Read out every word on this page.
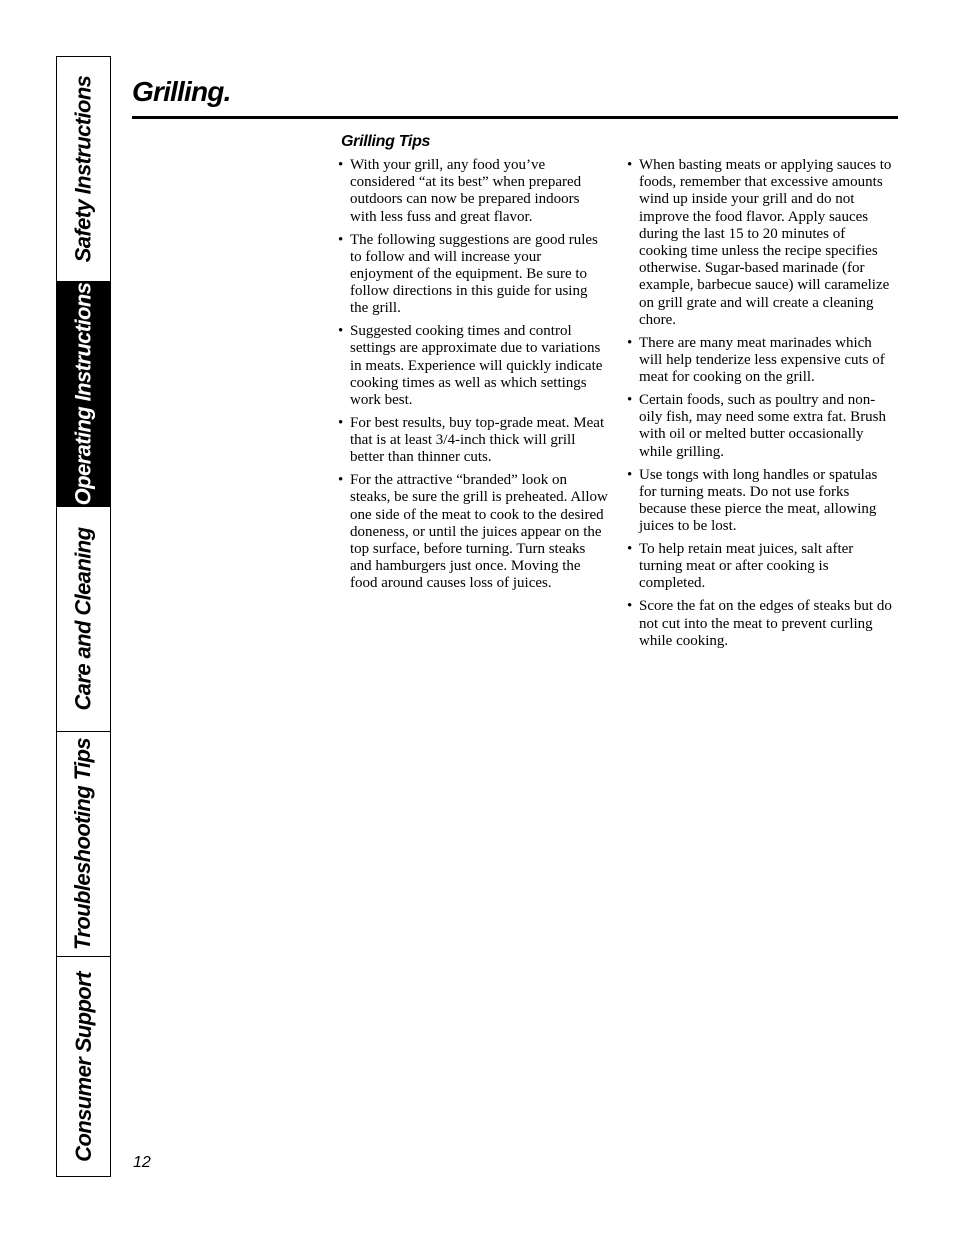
Safety Instructions
Operating Instructions
Care and Cleaning
Troubleshooting Tips
Consumer Support
Grilling.
Grilling Tips
• With your grill, any food you’ve considered “at its best” when prepared outdoors can now be prepared indoors with less fuss and great flavor.
• The following suggestions are good rules to follow and will increase your enjoyment of the equipment. Be sure to follow directions in this guide for using the grill.
• Suggested cooking times and control settings are approximate due to variations in meats. Experience will quickly indicate cooking times as well as which settings work best.
• For best results, buy top-grade meat. Meat that is at least 3/4-inch thick will grill better than thinner cuts.
• For the attractive “branded” look on steaks, be sure the grill is preheated. Allow one side of the meat to cook to the desired doneness, or until the juices appear on the top surface, before turning. Turn steaks and hamburgers just once. Moving the food around causes loss of juices.
• When basting meats or applying sauces to foods, remember that excessive amounts wind up inside your grill and do not improve the food flavor. Apply sauces during the last 15 to 20 minutes of cooking time unless the recipe specifies otherwise. Sugar-based marinade (for example, barbecue sauce) will caramelize on grill grate and will create a cleaning chore.
• There are many meat marinades which will help tenderize less expensive cuts of meat for cooking on the grill.
• Certain foods, such as poultry and non-oily fish, may need some extra fat. Brush with oil or melted butter occasionally while grilling.
• Use tongs with long handles or spatulas for turning meats. Do not use forks because these pierce the meat, allowing juices to be lost.
• To help retain meat juices, salt after turning meat or after cooking is completed.
• Score the fat on the edges of steaks but do not cut into the meat to prevent curling while cooking.
12
